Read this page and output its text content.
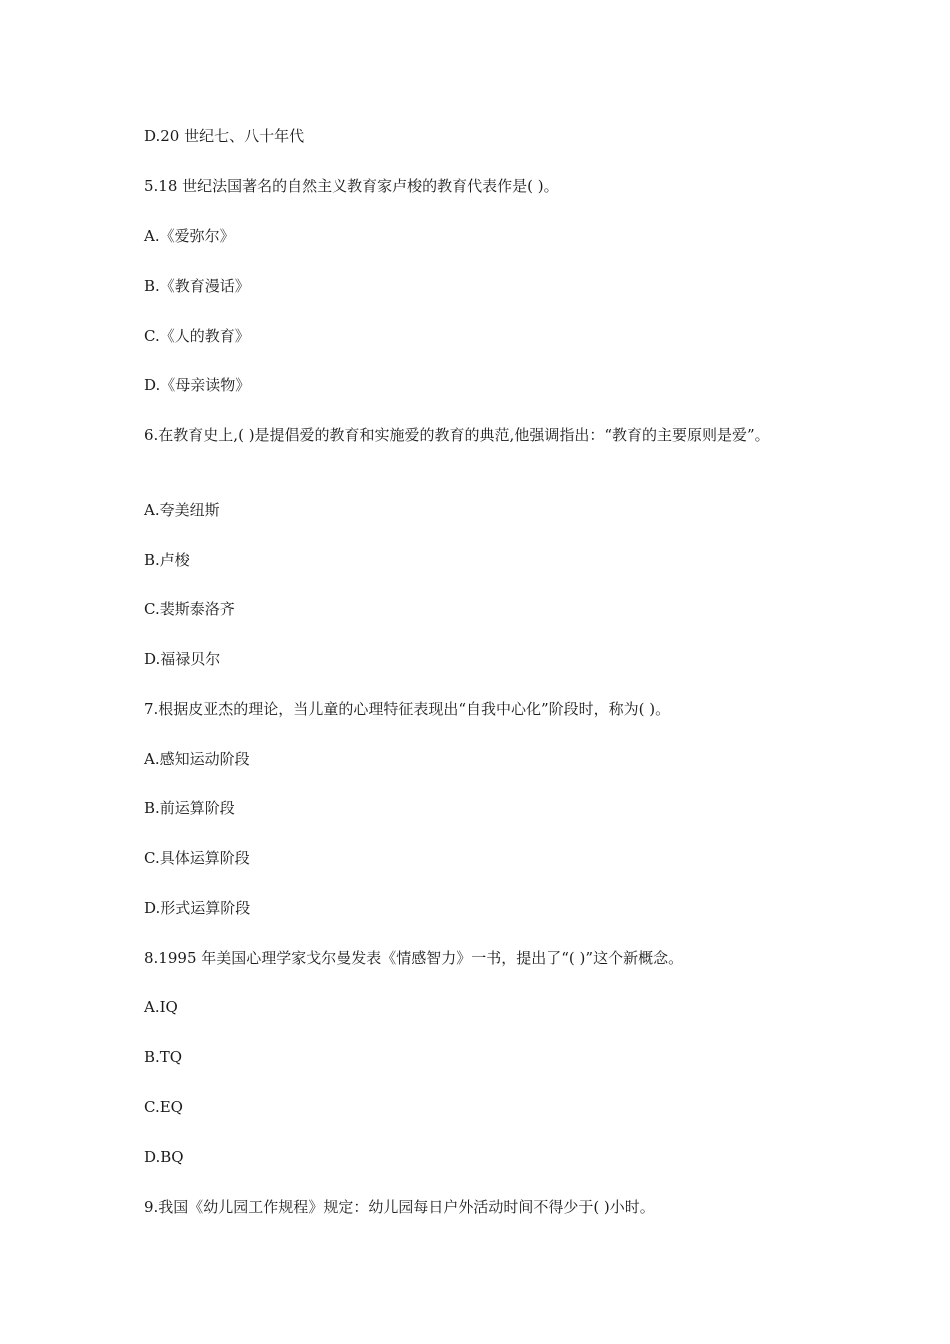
D.20 世纪七、八十年代
5.18 世纪法国著名的自然主义教育家卢梭的教育代表作是( )。
A.《爱弥尔》
B.《教育漫话》
C.《人的教育》
D.《母亲读物》
6.在教育史上,( )是提倡爱的教育和实施爱的教育的典范,他强调指出：“教育的主要原则是爱”。
A.夸美纽斯
B.卢梭
C.裴斯泰洛齐
D.福禄贝尔
7.根据皮亚杰的理论，当儿童的心理特征表现出“自我中心化”阶段时，称为( )。
A.感知运动阶段
B.前运算阶段
C.具体运算阶段
D.形式运算阶段
8.1995 年美国心理学家戈尔曼发表《情感智力》一书，提出了“( )”这个新概念。
A.IQ
B.TQ
C.EQ
D.BQ
9.我国《幼儿园工作规程》规定：幼儿园每日户外活动时间不得少于( )小时。
